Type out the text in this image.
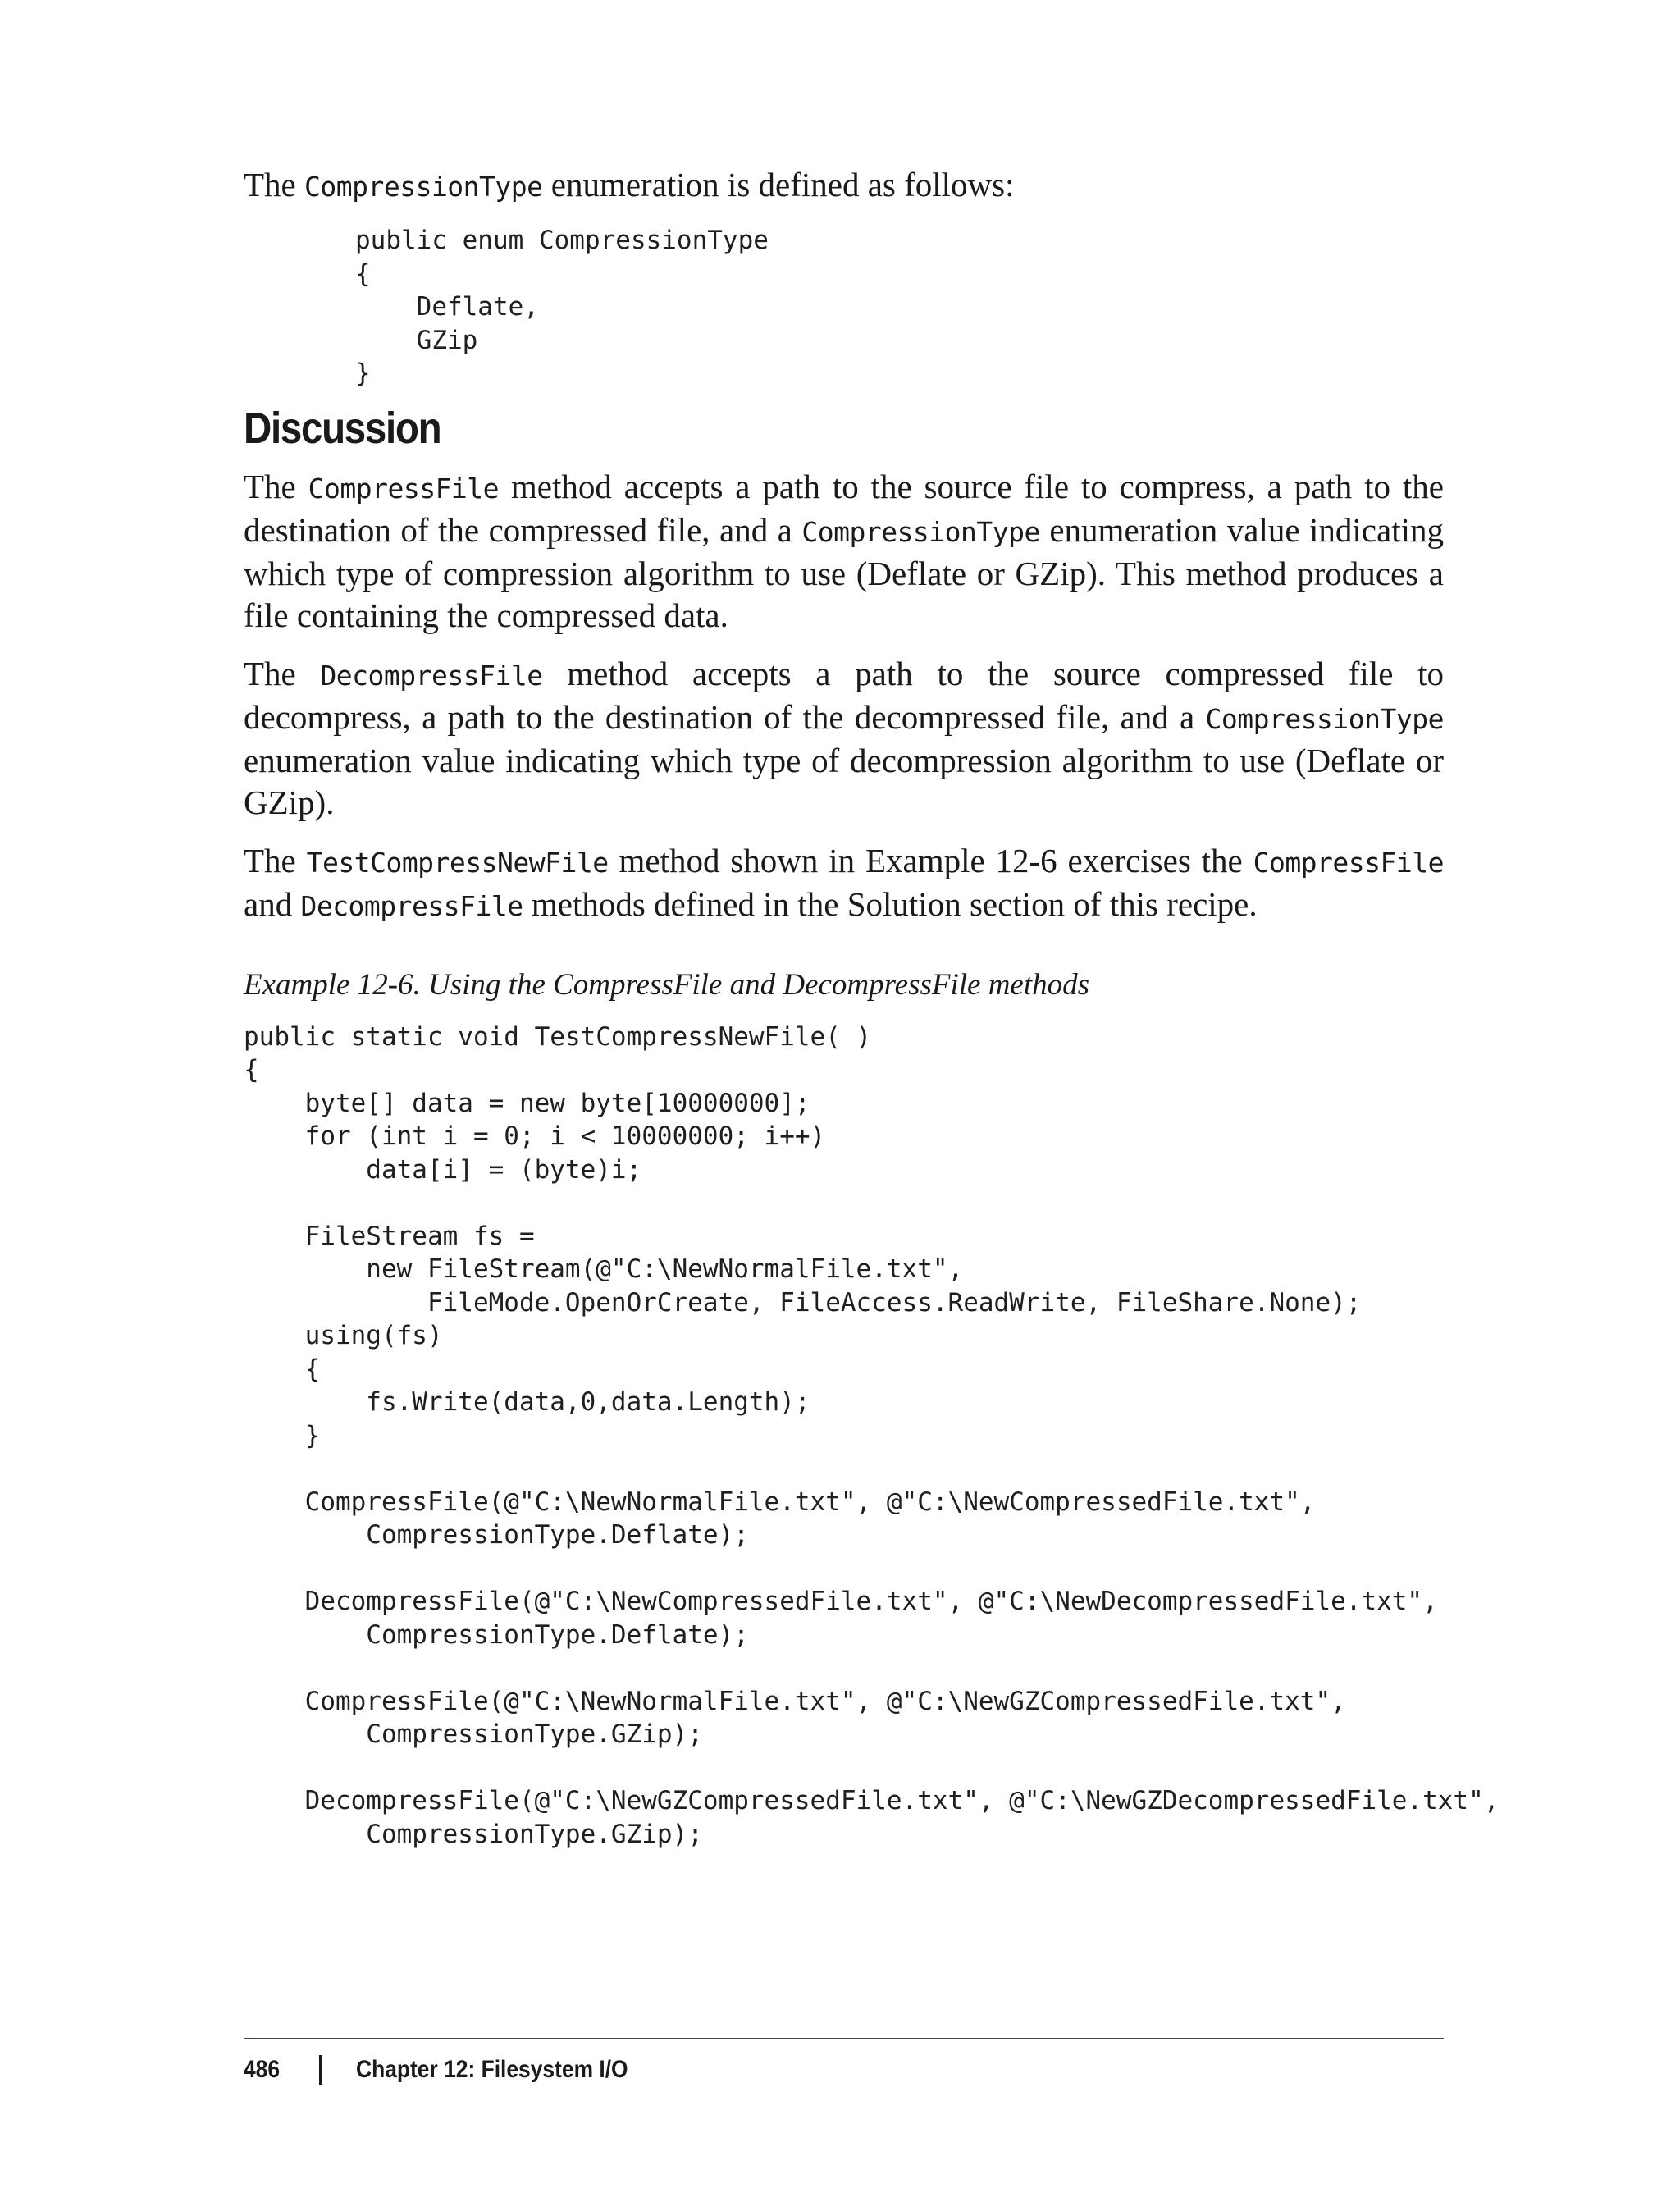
The CompressionType enumeration is defined as follows:

public enum CompressionType
{
Deflate,
GZip
}
Discussion

The CompressFile method accepts a path to the source file to compress, a path to the destination of the compressed file, and a CompressionType enumeration value indicating which type of compression algorithm to use (Deflate or GZip). This method produces a file containing the compressed data.

The DecompressFile method accepts a path to the source compressed file to decompress, a path to the destination of the decompressed file, and a CompressionType enumeration value indicating which type of decompression algorithm to use (Deflate or GZip).

The TestCompressNewFile method shown in Example 12-6 exercises the CompressFile and DecompressFile methods defined in the Solution section of this recipe.

Example 12-6. Using the CompressFile and DecompressFile methods
public static void TestCompressNewFile( )
{
byte[] data = new byte[10000000];
for (int i = 0; i < 10000000; i++)
data[i] = (byte)i;

FileStream fs =
new FileStream(@"C:\NewNormalFile.txt",
FileMode.OpenOrCreate, FileAccess.ReadWrite, FileShare.None);
using(fs)
{
fs.Write(data,0,data.Length);
}

CompressFile(@"C:\NewNormalFile.txt", @"C:\NewCompressedFile.txt",
CompressionType.Deflate);

DecompressFile(@"C:\NewCompressedFile.txt", @"C:\NewDecompressedFile.txt",
CompressionType.Deflate);

CompressFile(@"C:\NewNormalFile.txt", @"C:\NewGZCompressedFile.txt",
CompressionType.GZip);

DecompressFile(@"C:\NewGZCompressedFile.txt", @"C:\NewGZDecompressedFile.txt",
CompressionType.GZip);
486	Chapter 12: Filesystem I/O
